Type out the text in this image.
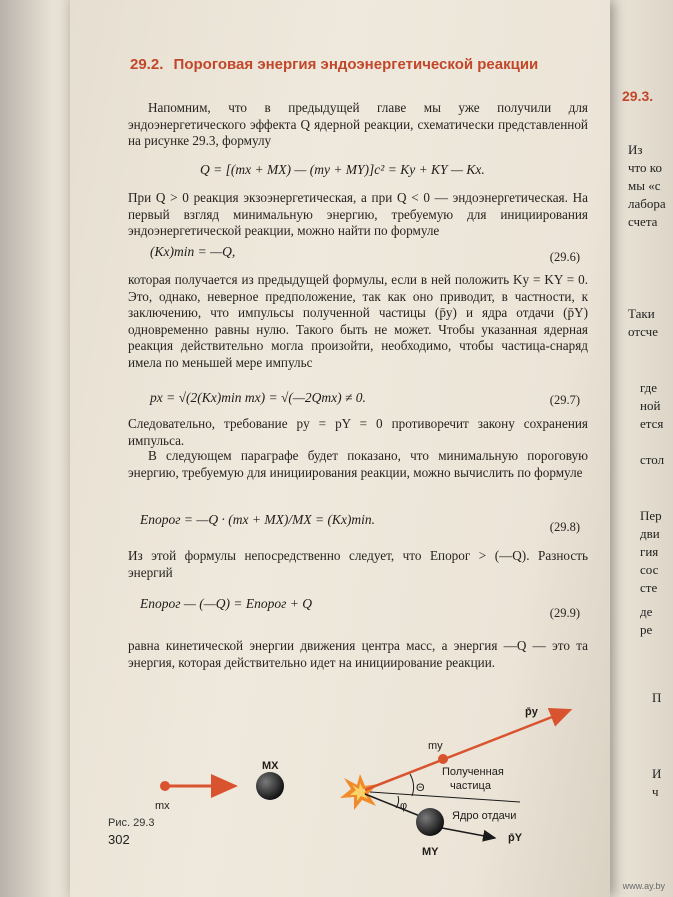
29.2. Пороговая энергия эндоэнергетической реакции
Напомним, что в предыдущей главе мы уже получили для эндоэнергетического эффекта Q ядерной реакции, схематически представленной на рисунке 29.3, формулу
Q = [(mx + MX) — (my + MY)]c² = Ky + KY — Kx.
При Q > 0 реакция экзоэнергетическая, а при Q < 0 — эндоэнергетическая. На первый взгляд минимальную энергию, требуемую для инициирования эндоэнергетической реакции, можно найти по формуле
(Kx)min = —Q,	(29.6)
которая получается из предыдущей формулы, если в ней положить Ky = KY = 0. Это, однако, неверное предположение, так как оно приводит, в частности, к заключению, что импульсы полученной частицы (p̄y) и ядра отдачи (p̄Y) одновременно равны нулю. Такого быть не может. Чтобы указанная ядерная реакция действительно могла произойти, необходимо, чтобы частица-снаряд имела по меньшей мере импульс
px = √(2(Kx)min mx) = √(—2Qmx) ≠ 0.	(29.7)
Следовательно, требование py = pY = 0 противоречит закону сохранения импульса.
В следующем параграфе будет показано, что минимальную пороговую энергию, требуемую для инициирования реакции, можно вычислить по формуле
Eпорог = —Q · (mx + MX)/MX = (Kx)min.	(29.8)
Из этой формулы непосредственно следует, что Eпорог > (—Q). Разность энергий
Eпорог — (—Q) = Eпорог + Q
(29.9)
равна кинетической энергии движения центра масс, а энергия —Q — это та энергия, которая действительно идет на инициирование реакции.
mx
MX
my
p̄y
Θ
φ
Полученная
частица
Ядро отдачи
p̄Y
MY
Рис. 29.3
302
29.3.
Из
что ко
мы «с
лабора
счета
Таки
отсче
где
ной
ется
стол
Пер
дви
гия
сос
сте
де
ре
П
И
ч
www.ay.by
